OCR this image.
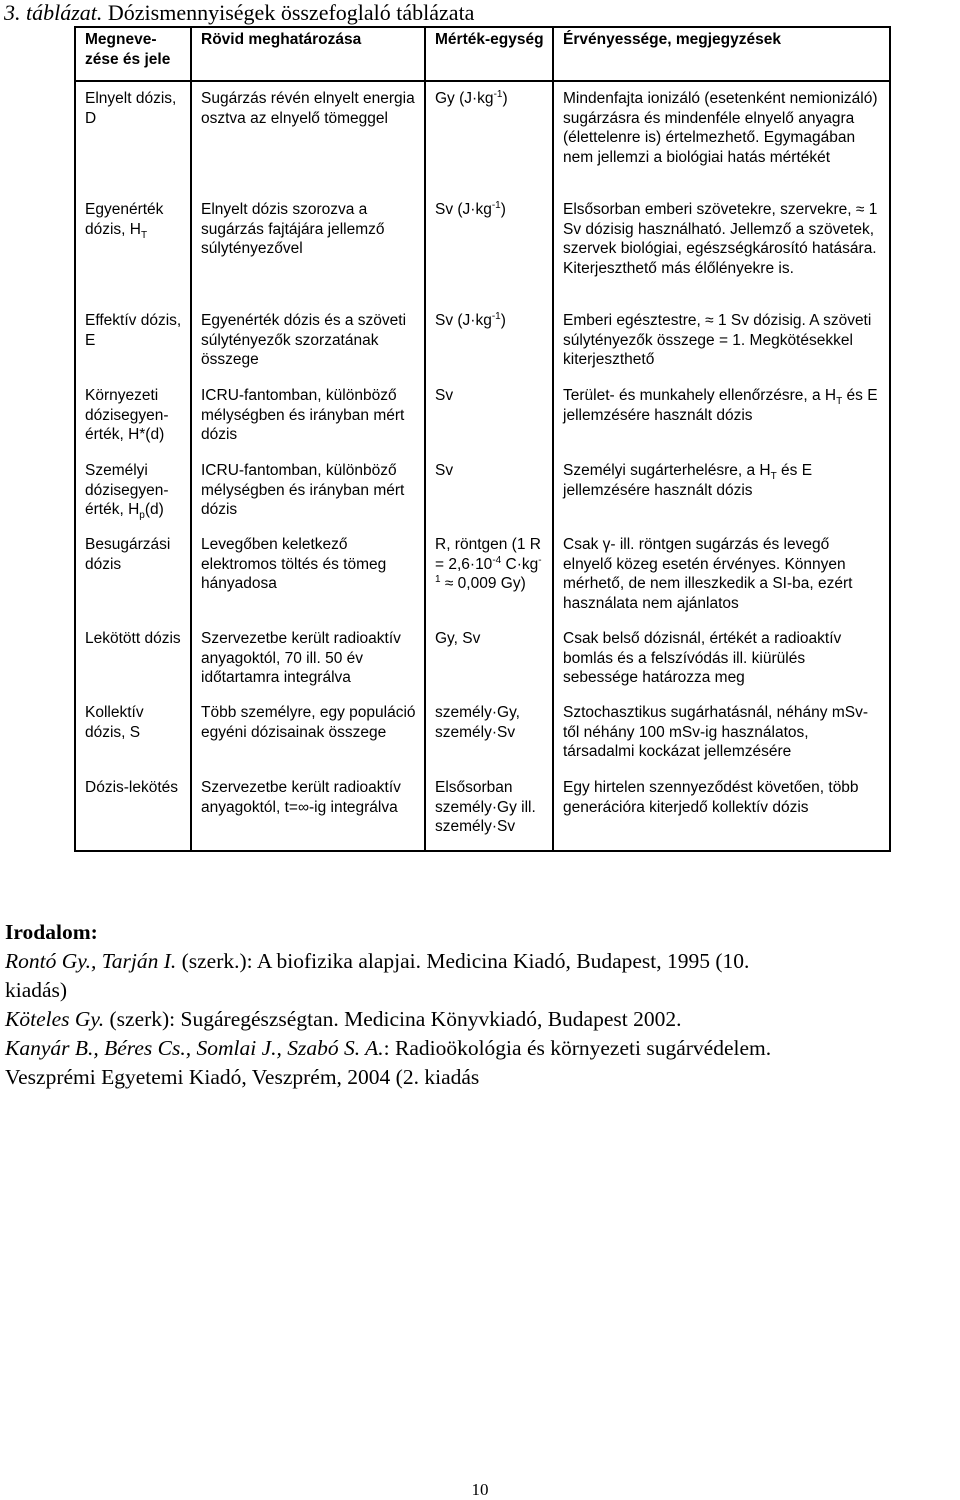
3. táblázat. Dózismennyiségek összefoglaló táblázata
Megneve-zése és jele	Rövid meghatározása	Mérték-egység	Érvényessége, megjegyzések
Elnyelt dózis, D	Sugárzás révén elnyelt energia osztva az elnyelő tömeggel	Gy $(J\cdot kg^{-1})$	Mindenfajta ionizáló (esetenként nemionizáló) sugárzásra és mindenféle elnyelő anyagra (élettelenre is) értelmezhető. Egymagában nem jellemzi a biológiai hatás mértékét
Egyenérték dózis, $H_T$	Elnyelt dózis szorozva a sugárzás fajtájára jellemző súlytényezővel	Sv $(J\cdot kg^{-1})$	Elsősorban emberi szövetekre, szervekre, ≈ 1 Sv dózisig használható. Jellemző a szövetek, szervek biológiai, egészségkárosító hatására. Kiterjeszthető más élőlényekre is.
Effektív dózis, E	Egyenérték dózis és a szöveti súlytényezők szorzatának összege	Sv $(J\cdot kg^{-1})$	Emberi egésztestre, ≈ 1 Sv dózisig. A szöveti súlytényezők összege = 1. Megkötésekkel kiterjeszthető
Környezeti dózisegyen-érték, H*(d)	ICRU-fantomban, különböző mélységben és irányban mért dózis	Sv	Terület- és munkahely ellenőrzésre, a $H_T$ és E jellemzésére használt dózis
Személyi dózisegyen-érték, $H_p(d)$	ICRU-fantomban, különböző mélységben és irányban mért dózis	Sv	Személyi sugárterhelésre, a $H_T$ és E jellemzésére használt dózis
Besugárzási dózis	Levegőben keletkező elektromos töltés és tömeg hányadosa	R, röntgen (1 $R = 2,6\cdot 10^{-4}$ $C\cdot kg^{-1} \approx 0,009$ Gy)	Csak γ- ill. röntgen sugárzás és levegő elnyelő közeg esetén érvényes. Könnyen mérhető, de nem illeszkedik a SI-ba, ezért használata nem ajánlatos
Lekötött dózis	Szervezetbe került radioaktív anyagoktól, 70 ill. 50 év időtartamra integrálva	Gy, Sv	Csak belső dózisnál, értékét a radioaktív bomlás és a felszívódás ill. kiürülés sebessége határozza meg
Kollektív dózis, S	Több személyre, egy populáció egyéni dózisainak összege	személy·Gy, személy·Sv	Sztochasztikus sugárhatásnál, néhány mSv-től néhány 100 mSv-ig használatos, társadalmi kockázat jellemzésére
Dózis-lekötés	Szervezetbe került radioaktív anyagoktól, t=∞-ig integrálva	Elsősorban személy·Gy ill. személy·Sv	Egy hirtelen szennyeződést követően, több generációra kiterjedő kollektív dózis
Irodalom:
Rontó Gy., Tarján I. (szerk.): A biofizika alapjai. Medicina Kiadó, Budapest, 1995 (10.
kiadás)
Köteles Gy. (szerk): Sugáregészségtan. Medicina Könyvkiadó, Budapest 2002.
Kanyár B., Béres Cs., Somlai J., Szabó S. A.: Radioökológia és környezeti sugárvédelem.
Veszprémi Egyetemi Kiadó, Veszprém, 2004 (2. kiadás
10
